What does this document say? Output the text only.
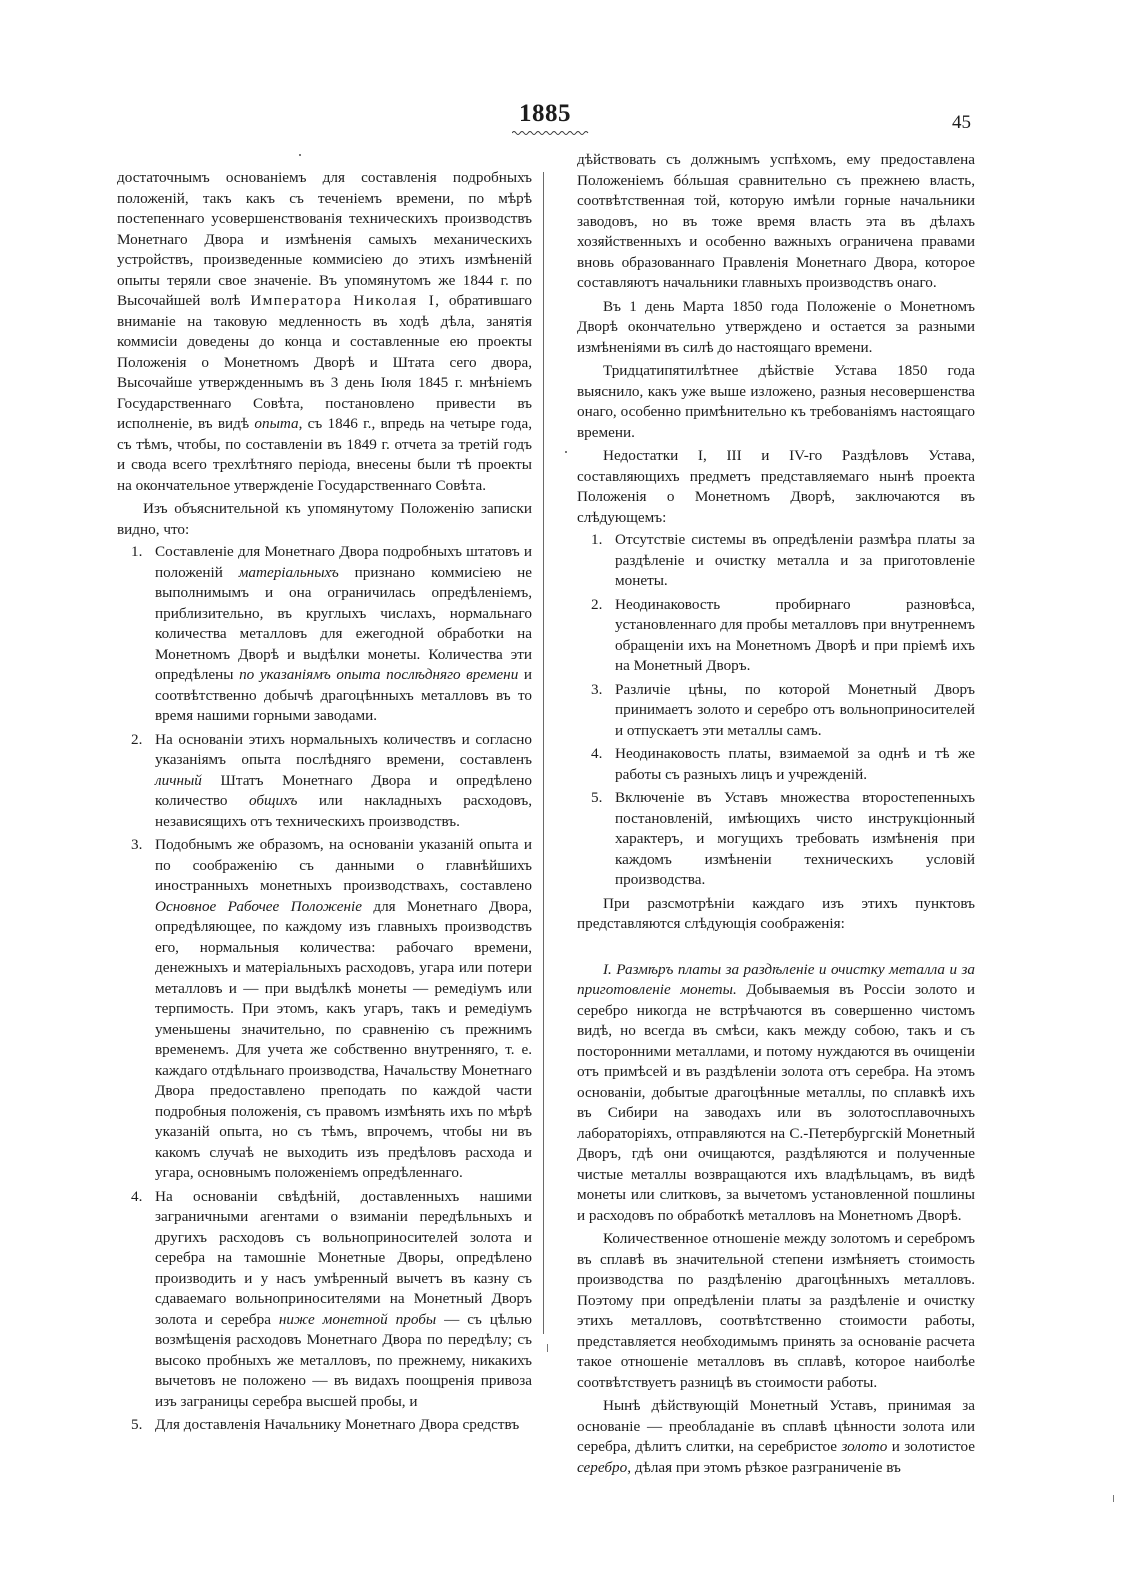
1885	45

достаточнымъ основаніемъ для составленія подробныхъ положеній, такъ какъ съ теченіемъ времени, по мѣрѣ постепеннаго усовершенствованія техническихъ производствъ Монетнаго Двора и измѣненія самыхъ механическихъ устройствъ, произведенные коммисіею до этихъ измѣненій опыты теряли свое значеніе. Въ упомянутомъ же 1844 г. по Высочайшей волѣ Императора Николая I, обратившаго вниманіе на таковую медленность въ ходѣ дѣла, занятія коммисіи доведены до конца и составленные ею проекты Положенія о Монетномъ Дворѣ и Штата сего двора, Высочайше утвержденнымъ въ 3 день Іюля 1845 г. мнѣніемъ Государственнаго Совѣта, постановлено привести въ исполненіе, въ видѣ опыта, съ 1846 г., впредь на четыре года, съ тѣмъ, чтобы, по составленіи въ 1849 г. отчета за третій годъ и свода всего трехлѣтняго періода, внесены были тѣ проекты на окончательное утвержденіе Государственнаго Совѣта.

Изъ объяснительной къ упомянутому Положенію записки видно, что:

1. Составленіе для Монетнаго Двора подробныхъ штатовъ и положеній матеріальныхъ признано коммисіею не выполнимымъ и она ограничилась опредѣленіемъ, приблизительно, въ круглыхъ числахъ, нормальнаго количества металловъ для ежегодной обработки на Монетномъ Дворѣ и выдѣлки монеты. Количества эти опредѣлены по указаніямъ опыта послѣдняго времени и соотвѣтственно добычѣ драгоцѣнныхъ металловъ въ то время нашими горными заводами.
2. На основаніи этихъ нормальныхъ количествъ и согласно указаніямъ опыта послѣдняго времени, составленъ личный Штатъ Монетнаго Двора и опредѣлено количество общихъ или накладныхъ расходовъ, независящихъ отъ техническихъ производствъ.
3. Подобнымъ же образомъ, на основаніи указаній опыта и по соображенію съ данными о главнѣйшихъ иностранныхъ монетныхъ производствахъ, составлено Основное Рабочее Положеніе для Монетнаго Двора, опредѣляющее, по каждому изъ главныхъ производствъ его, нормальныя количества: рабочаго времени, денежныхъ и матеріальныхъ расходовъ, угара или потери металловъ и — при выдѣлкѣ монеты — ремедіумъ или терпимость. При этомъ, какъ угаръ, такъ и ремедіумъ уменьшены значительно, по сравненію съ прежнимъ временемъ. Для учета же собственно внутренняго, т. е. каждаго отдѣльнаго производства, Начальству Монетнаго Двора предоставлено преподать по каждой части подробныя положенія, съ правомъ измѣнять ихъ по мѣрѣ указаній опыта, но съ тѣмъ, впрочемъ, чтобы ни въ какомъ случаѣ не выходить изъ предѣловъ расхода и угара, основнымъ положеніемъ опредѣленнаго.
4. На основаніи свѣдѣній, доставленныхъ нашими заграничными агентами о взиманіи передѣльныхъ и другихъ расходовъ съ вольноприносителей золота и серебра на тамошніе Монетные Дворы, опредѣлено производить и у насъ умѣренный вычетъ въ казну съ сдаваемаго вольноприносителями на Монетный Дворъ золота и серебра ниже монетной пробы — съ цѣлью возмѣщенія расходовъ Монетнаго Двора по передѣлу; съ высоко пробныхъ же металловъ, по прежнему, никакихъ вычетовъ не положено — въ видахъ поощренія привоза изъ заграницы серебра высшей пробы, и
5. Для доставленія Начальнику Монетнаго Двора средствъ

дѣйствовать съ должнымъ успѣхомъ, ему предоставлена Положеніемъ бóльшая сравнительно съ прежнею власть, соотвѣтственная той, которую имѣли горные начальники заводовъ, но въ тоже время власть эта въ дѣлахъ хозяйственныхъ и особенно важныхъ ограничена правами вновь образованнаго Правленія Монетнаго Двора, которое составляютъ начальники главныхъ производствъ онаго.

Въ 1 день Марта 1850 года Положеніе о Монетномъ Дворѣ окончательно утверждено и остается за разными измѣненіями въ силѣ до настоящаго времени.

Тридцатипятилѣтнее дѣйствіе Устава 1850 года выяснило, какъ уже выше изложено, разныя несовершенства онаго, особенно примѣнительно къ требованіямъ настоящаго времени.

Недостатки I, III и IV-го Раздѣловъ Устава, составляющихъ предметъ представляемаго нынѣ проекта Положенія о Монетномъ Дворѣ, заключаются въ слѣдующемъ:

1. Отсутствіе системы въ опредѣленіи размѣра платы за раздѣленіе и очистку металла и за приготовленіе монеты.
2. Неодинаковость пробирнаго разновѣса, установленнаго для пробы металловъ при внутреннемъ обращеніи ихъ на Монетномъ Дворѣ и при пріемѣ ихъ на Монетный Дворъ.
3. Различіе цѣны, по которой Монетный Дворъ принимаетъ золото и серебро отъ вольноприносителей и отпускаетъ эти металлы самъ.
4. Неодинаковость платы, взимаемой за однѣ и тѣ же работы съ разныхъ лицъ и учрежденій.
5. Включеніе въ Уставъ множества второстепенныхъ постановленій, имѣющихъ чисто инструкціонный характеръ, и могущихъ требовать измѣненія при каждомъ измѣненіи техническихъ условій производства.

При разсмотрѣніи каждаго изъ этихъ пунктовъ представляются слѣдующія соображенія:

I. Размѣръ платы за раздѣленіе и очистку металла и за приготовленіе монеты. Добываемыя въ Россіи золото и серебро никогда не встрѣчаются въ совершенно чистомъ видѣ, но всегда въ смѣси, какъ между собою, такъ и съ посторонними металлами, и потому нуждаются въ очищеніи отъ примѣсей и въ раздѣленіи золота отъ серебра. На этомъ основаніи, добытые драгоцѣнные металлы, по сплавкѣ ихъ въ Сибири на заводахъ или въ золотосплавочныхъ лабораторіяхъ, отправляются на С.-Петербургскій Монетный Дворъ, гдѣ они очищаются, раздѣляются и полученные чистые металлы возвращаются ихъ владѣльцамъ, въ видѣ монеты или слитковъ, за вычетомъ установленной пошлины и расходовъ по обработкѣ металловъ на Монетномъ Дворѣ.

Количественное отношеніе между золотомъ и серебромъ въ сплавѣ въ значительной степени измѣняетъ стоимость производства по раздѣленію драгоцѣнныхъ металловъ. Поэтому при опредѣленіи платы за раздѣленіе и очистку этихъ металловъ, соотвѣтственно стоимости работы, представляется необходимымъ принять за основаніе расчета такое отношеніе металловъ въ сплавѣ, которое наиболѣе соотвѣтствуетъ разницѣ въ стоимости работы.

Нынѣ дѣйствующій Монетный Уставъ, принимая за основаніе — преобладаніе въ сплавѣ цѣнности золота или серебра, дѣлитъ слитки, на серебристое золото и золотистое серебро, дѣлая при этомъ рѣзкое разграниченіе въ
